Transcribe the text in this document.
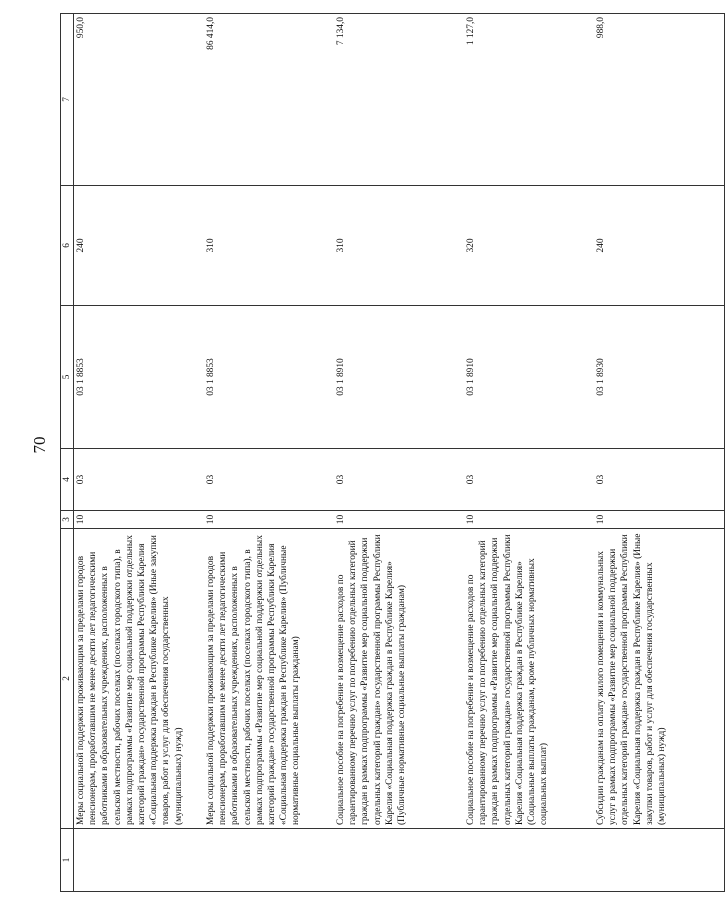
70
1	2	3	4	5	6	7
	Меры социальной поддержки проживающим за пределами городов пенсионерам, проработавшим не менее десяти лет педагогическими работниками в образовательных учреждениях, расположенных в сельской местности, рабочих поселках (поселках городского типа), в рамках подпрограммы «Развитие мер социальной поддержки отдельных категорий граждан» государственной программы Республики Карелия «Социальная поддержка граждан в Республике Карелия» (Иные закупки товаров, работ и услуг для обеспечения государственных (муниципальных) нужд)	10	03	03 1 8853	240	950,0
	Меры социальной поддержки проживающим за пределами городов пенсионерам, проработавшим не менее десяти лет педагогическими работниками в образовательных учреждениях, расположенных в сельской местности, рабочих поселках (поселках городского типа), в рамках подпрограммы «Развитие мер социальной поддержки отдельных категорий граждан» государственной программы Республики Карелия «Социальная поддержка граждан в Республике Карелия» (Публичные нормативные социальные выплаты гражданам)	10	03	03 1 8853	310	86 414,0
	Социальное пособие на погребение и возмещение расходов по гарантированному перечню услуг по погребению отдельных категорий граждан в рамках подпрограммы «Развитие мер социальной поддержки отдельных категорий граждан» государственной программы Республики Карелия «Социальная поддержка граждан в Республике Карелия» (Публичные нормативные социальные выплаты гражданам)	10	03	03 1 8910	310	7 134,0
	Социальное пособие на погребение и возмещение расходов по гарантированному перечню услуг по погребению отдельных категорий граждан в рамках подпрограммы «Развитие мер социальной поддержки отдельных категорий граждан» государственной программы Республики Карелия «Социальная поддержка граждан в Республике Карелия» (Социальные выплаты гражданам, кроме публичных нормативных социальных выплат)	10	03	03 1 8910	320	1 127,0
	Субсидии гражданам на оплату жилого помещения и коммунальных услуг в рамках подпрограммы «Развитие мер социальной поддержки отдельных категорий граждан» государственной программы Республики Карелия «Социальная поддержка граждан в Республике Карелия» (Иные закупки товаров, работ и услуг для обеспечения государственных (муниципальных) нужд)	10	03	03 1 8930	240	988,0
